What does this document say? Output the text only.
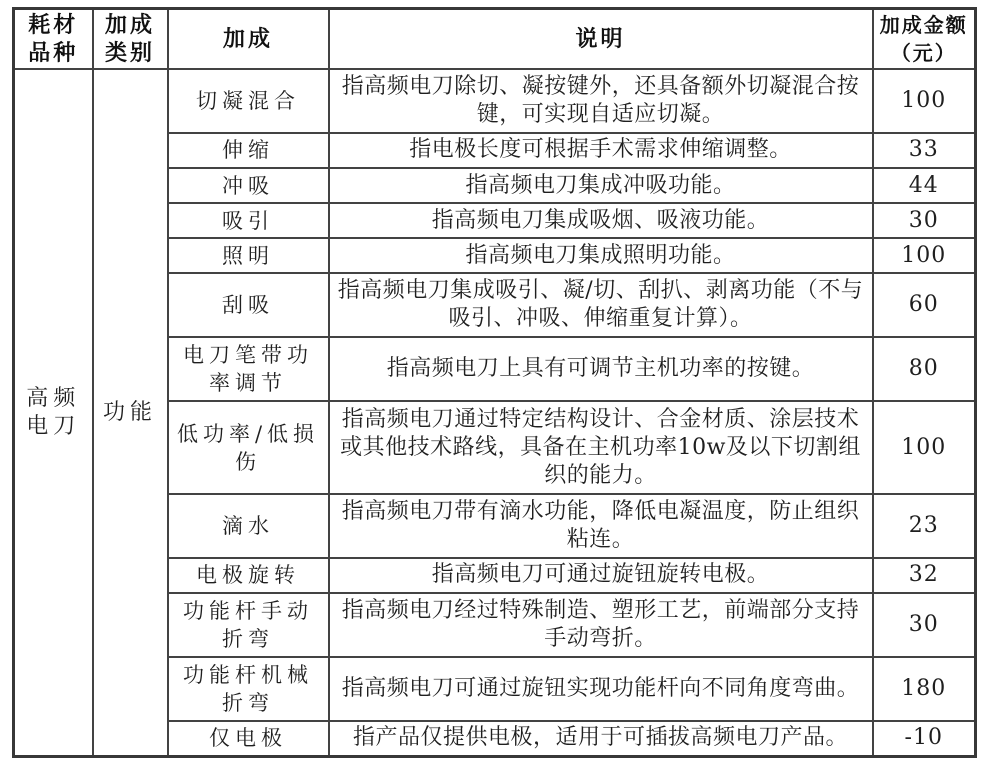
耗材品种	加成类别	加成	说明	加成金额（元）
高频电刀	功能	切凝混合	指高频电刀除切、凝按键外，还具备额外切凝混合按键，可实现自适应切凝。	100
		伸缩	指电极长度可根据手术需求伸缩调整。	33
		冲吸	指高频电刀集成冲吸功能。	44
		吸引	指高频电刀集成吸烟、吸液功能。	30
		照明	指高频电刀集成照明功能。	100
		刮吸	指高频电刀集成吸引、凝/切、刮扒、剥离功能（不与吸引、冲吸、伸缩重复计算）。	60
		电刀笔带功率调节	指高频电刀上具有可调节主机功率的按键。	80
		低功率/低损伤	指高频电刀通过特定结构设计、合金材质、涂层技术或其他技术路线，具备在主机功率10w及以下切割组织的能力。	100
		滴水	指高频电刀带有滴水功能，降低电凝温度，防止组织粘连。	23
		电极旋转	指高频电刀可通过旋钮旋转电极。	32
		功能杆手动折弯	指高频电刀经过特殊制造、塑形工艺，前端部分支持手动弯折。	30
		功能杆机械折弯	指高频电刀可通过旋钮实现功能杆向不同角度弯曲。	180
		仅电极	指产品仅提供电极，适用于可插拔高频电刀产品。	-10
